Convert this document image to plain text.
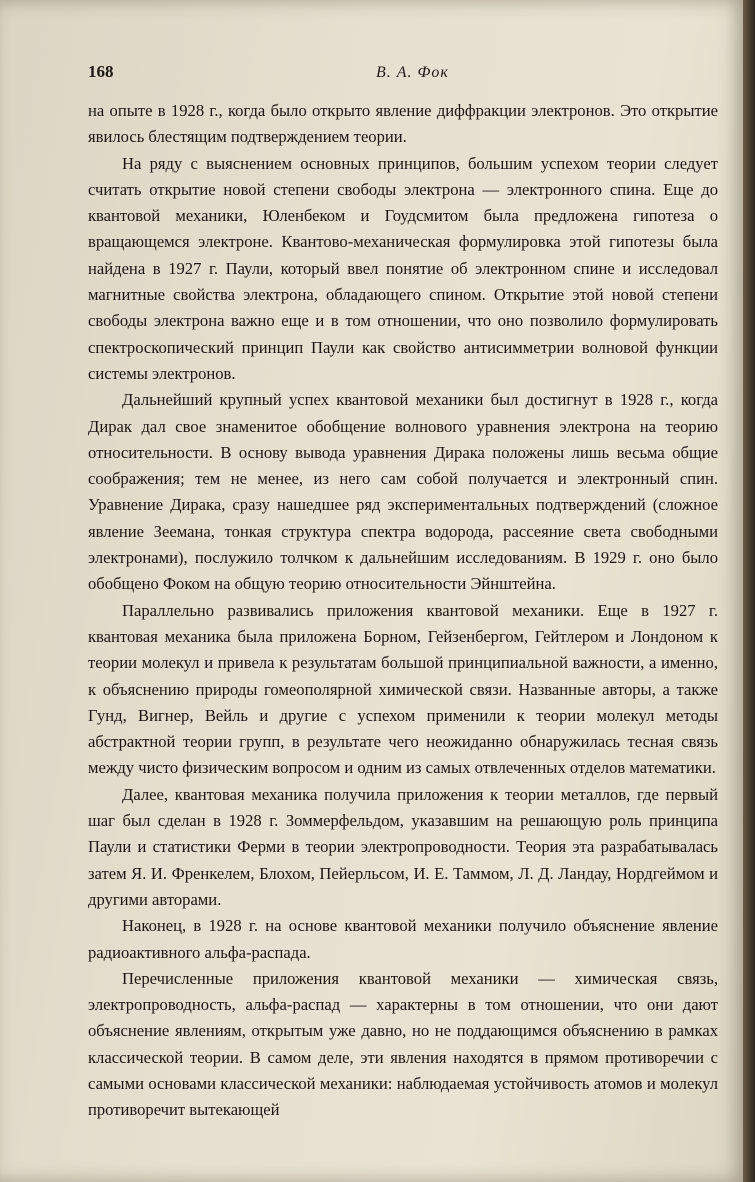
168	В. А. Фок

на опыте в 1928 г., когда было открыто явление диффракции электронов. Это открытие явилось блестящим подтверждением теории.

На ряду с выяснением основных принципов, большим успехом теории следует считать открытие новой степени свободы электрона — электронного спина. Еще до квантовой механики, Юленбеком и Гоудсмитом была предложена гипотеза о вращающемся электроне. Квантово-механическая формулировка этой гипотезы была найдена в 1927 г. Паули, который ввел понятие об электронном спине и исследовал магнитные свойства электрона, обладающего спином. Открытие этой новой степени свободы электрона важно еще и в том отношении, что оно позволило формулировать спектроскопический принцип Паули как свойство антисимметрии волновой функции системы электронов.

Дальнейший крупный успех квантовой механики был достигнут в 1928 г., когда Дирак дал свое знаменитое обобщение волнового уравнения электрона на теорию относительности. В основу вывода уравнения Дирака положены лишь весьма общие соображения; тем не менее, из него сам собой получается и электронный спин. Уравнение Дирака, сразу нашедшее ряд экспериментальных подтверждений (сложное явление Зеемана, тонкая структура спектра водорода, рассеяние света свободными электронами), послужило толчком к дальнейшим исследованиям. В 1929 г. оно было обобщено Фоком на общую теорию относительности Эйнштейна.

Параллельно развивались приложения квантовой механики. Еще в 1927 г. квантовая механика была приложена Борном, Гейзенбергом, Гейтлером и Лондоном к теории молекул и привела к результатам большой принципиальной важности, а именно, к объяснению природы гомеополярной химической связи. Названные авторы, а также Гунд, Вигнер, Вейль и другие с успехом применили к теории молекул методы абстрактной теории групп, в результате чего неожиданно обнаружилась тесная связь между чисто физическим вопросом и одним из самых отвлеченных отделов математики.

Далее, квантовая механика получила приложения к теории металлов, где первый шаг был сделан в 1928 г. Зоммерфельдом, указавшим на решающую роль принципа Паули и статистики Ферми в теории электропроводности. Теория эта разрабатывалась затем Я. И. Френкелем, Блохом, Пейерльсом, И. Е. Таммом, Л. Д. Ландау, Нордгеймом и другими авторами.

Наконец, в 1928 г. на основе квантовой механики получило объяснение явление радиоактивного альфа-распада.

Перечисленные приложения квантовой механики — химическая связь, электропроводность, альфа-распад — характерны в том отношении, что они дают объяснение явлениям, открытым уже давно, но не поддающимся объяснению в рамках классической теории. В самом деле, эти явления находятся в прямом противоречии с самыми основами классической механики: наблюдаемая устойчивость атомов и молекул противоречит вытекающей
